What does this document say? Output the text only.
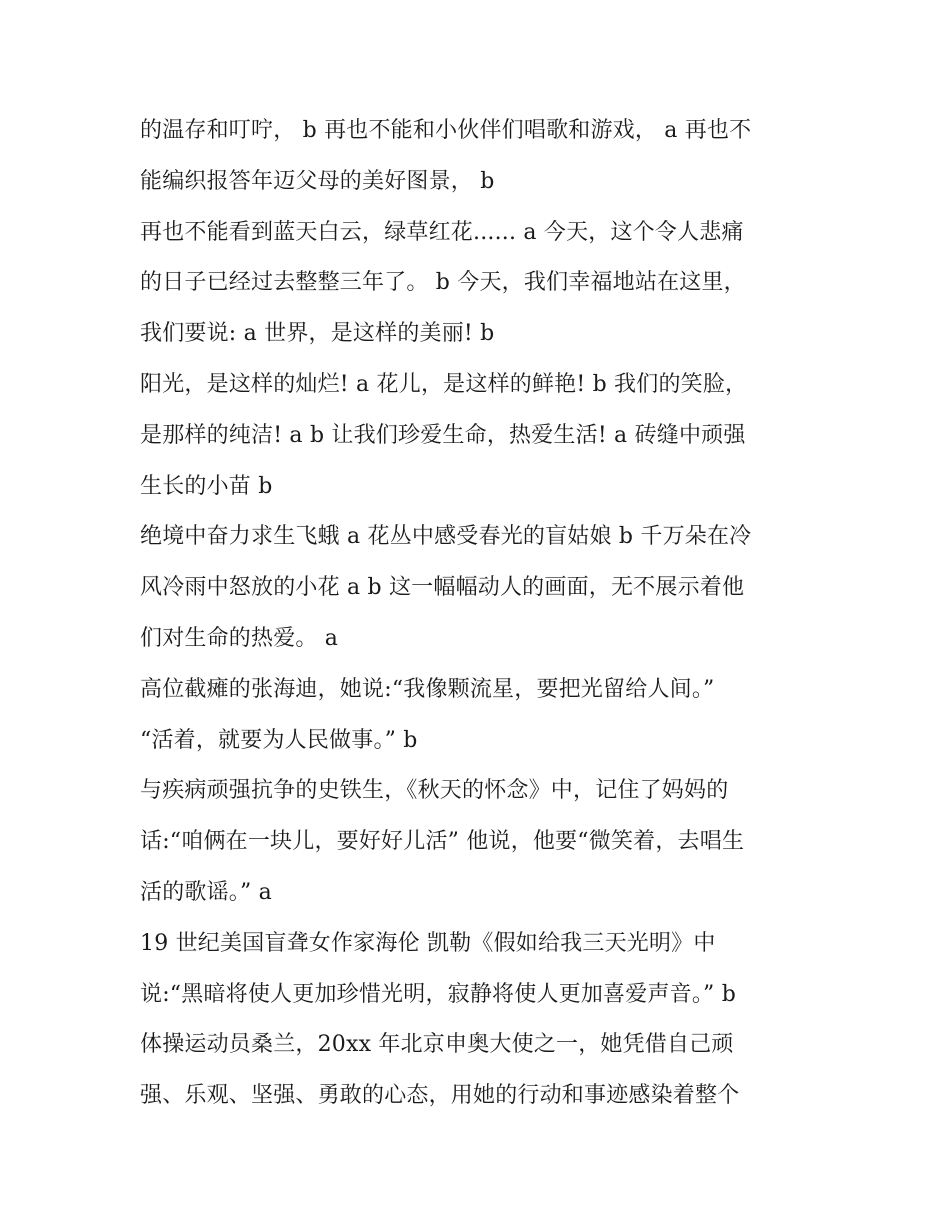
的温存和叮咛， b 再也不能和小伙伴们唱歌和游戏， a 再也不
能编织报答年迈父母的美好图景， b
再也不能看到蓝天白云，绿草红花...... a 今天，这个令人悲痛
的日子已经过去整整三年了。 b 今天，我们幸福地站在这里，
我们要说: a 世界，是这样的美丽! b
阳光，是这样的灿烂! a 花儿，是这样的鲜艳! b 我们的笑脸，
是那样的纯洁! a b 让我们珍爱生命，热爱生活! a 砖缝中顽强
生长的小苗 b
绝境中奋力求生飞蛾 a 花丛中感受春光的盲姑娘 b 千万朵在冷
风冷雨中怒放的小花 a b 这一幅幅动人的画面，无不展示着他
们对生命的热爱。 a
高位截瘫的张海迪，她说:“我像颗流星，要把光留给人间。”
“活着，就要为人民做事。” b
与疾病顽强抗争的史铁生，《秋天的怀念》中，记住了妈妈的
话:“咱俩在一块儿，要好好儿活” 他说，他要“微笑着，去唱生
活的歌谣。” a
19 世纪美国盲聋女作家海伦 凯勒《假如给我三天光明》中
说:“黑暗将使人更加珍惜光明，寂静将使人更加喜爱声音。” b
体操运动员桑兰，20xx 年北京申奥大使之一，她凭借自己顽
强、乐观、坚强、勇敢的心态，用她的行动和事迹感染着整个
